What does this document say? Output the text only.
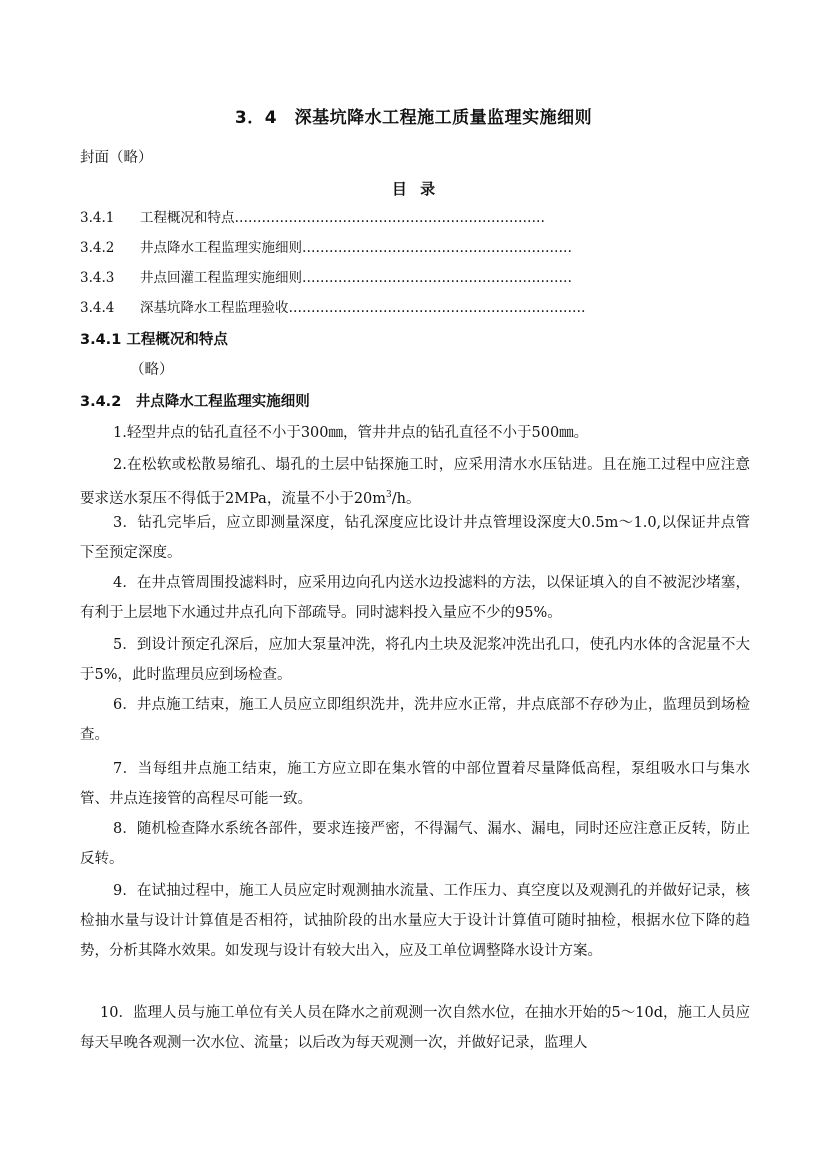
3．4　深基坑降水工程施工质量监理实施细则
封面（略）
目 录
3.4.1 工程概况和特点……………………………………………………………
3.4.2 井点降水工程监理实施细则……………………………………………………
3.4.3 井点回灌工程监理实施细则……………………………………………………
3.4.4 深基坑降水工程监理验收…………………………………………………………
3.4.1 工程概况和特点
（略）
3.4.2　井点降水工程监理实施细则
1.轻型井点的钻孔直径不小于300㎜，管井井点的钻孔直径不小于500㎜。
2.在松软或松散易缩孔、塌孔的土层中钻探施工时，应采用清水水压钻进。且在施工过程中应注意要求送水泵压不得低于2MPa，流量不小于$20m^3/h$。
3．钻孔完毕后，应立即测量深度，钻孔深度应比设计井点管埋设深度大0.5m～1.0,以保证井点管下至预定深度。
4．在井点管周围投滤料时，应采用边向孔内送水边投滤料的方法，以保证填入的自不被泥沙堵塞，有利于上层地下水通过井点孔向下部疏导。同时滤料投入量应不少的95%。
5．到设计预定孔深后，应加大泵量冲洗，将孔内土块及泥浆冲洗出孔口，使孔内水体的含泥量不大于5%，此时监理员应到场检查。
6．井点施工结束，施工人员应立即组织洗井，洗井应水正常，井点底部不存砂为止，监理员到场检查。
7．当每组井点施工结束，施工方应立即在集水管的中部位置着尽量降低高程，泵组吸水口与集水管、井点连接管的高程尽可能一致。
8．随机检查降水系统各部件，要求连接严密，不得漏气、漏水、漏电，同时还应注意正反转，防止反转。
9．在试抽过程中，施工人员应定时观测抽水流量、工作压力、真空度以及观测孔的并做好记录，核检抽水量与设计计算值是否相符，试抽阶段的出水量应大于设计计算值可随时抽检，根据水位下降的趋势，分析其降水效果。如发现与设计有较大出入，应及工单位调整降水设计方案。
10．监理人员与施工单位有关人员在降水之前观测一次自然水位，在抽水开始的5～10d，施工人员应每天早晚各观测一次水位、流量；以后改为每天观测一次，并做好记录，监理人
